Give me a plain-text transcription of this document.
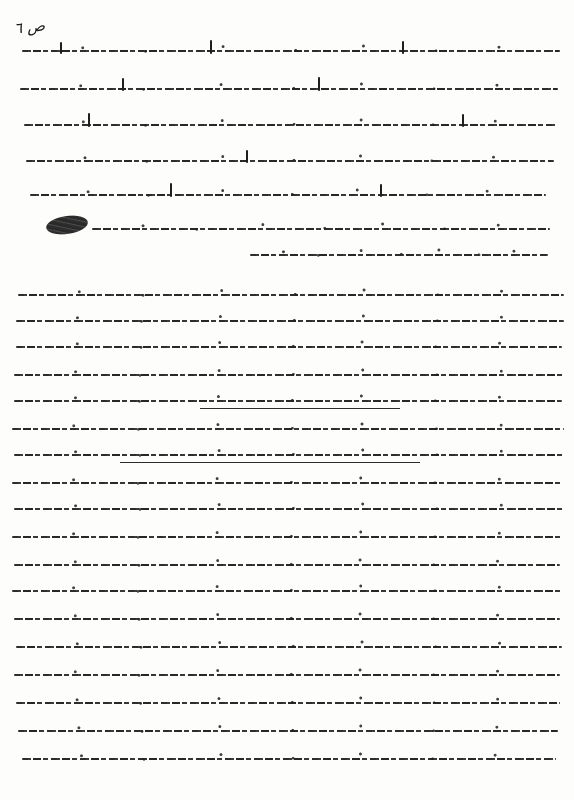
ص ٦
